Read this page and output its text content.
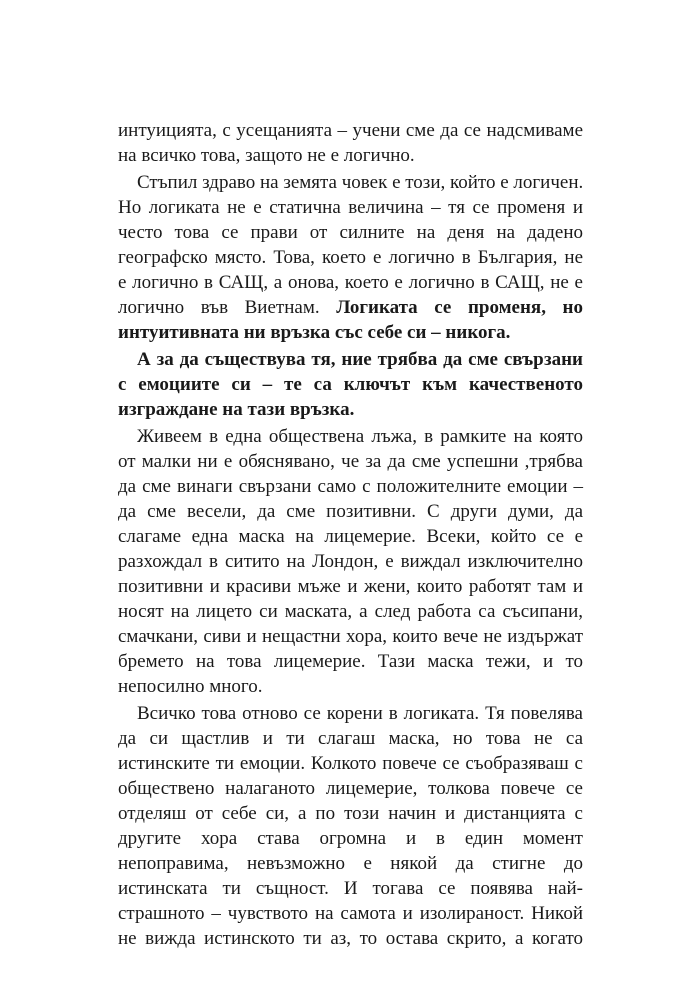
интуицията, с усещанията – учени сме да се надсмиваме
на всичко това, защото не е логично.
Стъпил здраво на земята човек е този, който е логичен.
Но логиката не е статична величина – тя се променя и
често това се прави от силните на деня на дадено
географско място. Това, което е логично в България, не
е логично в САЩ, а онова, което е логично в САЩ, не е
логично във Виетнам. Логиката се променя, но
интуитивната ни връзка със себе си – никога.
А за да съществува тя, ние трябва да сме свързани
с емоциите си – те са ключът към качественото
изграждане на тази връзка.
Живеем в една обществена лъжа, в рамките на която
от малки ни е обяснявано, че за да сме успешни ,трябва
да сме винаги свързани само с положителните емоции –
да сме весели, да сме позитивни. С други думи, да
слагаме една маска на лицемерие. Всеки, който се е
разхождал в ситито на Лондон, е виждал изключително
позитивни и красиви мъже и жени, които работят там и
носят на лицето си маската, а след работа са съсипани,
смачкани, сиви и нещастни хора, които вече не издържат
бремето на това лицемерие. Тази маска тежи, и то
непосилно много.
Всичко това отново се корени в логиката. Тя повелява
да си щастлив и ти слагаш маска, но това не са
истинските ти емоции. Колкото повече се съобразяваш с
обществено налаганото лицемерие, толкова повече се
отделяш от себе си, а по този начин и дистанцията с
другите хора става огромна и в един момент
непоправима, невъзможно е някой да стигне до
истинската ти същност. И тогава се появява най-
страшното – чувството на самота и изолираност. Никой
не вижда истинското ти аз, то остава скрито, а когато
